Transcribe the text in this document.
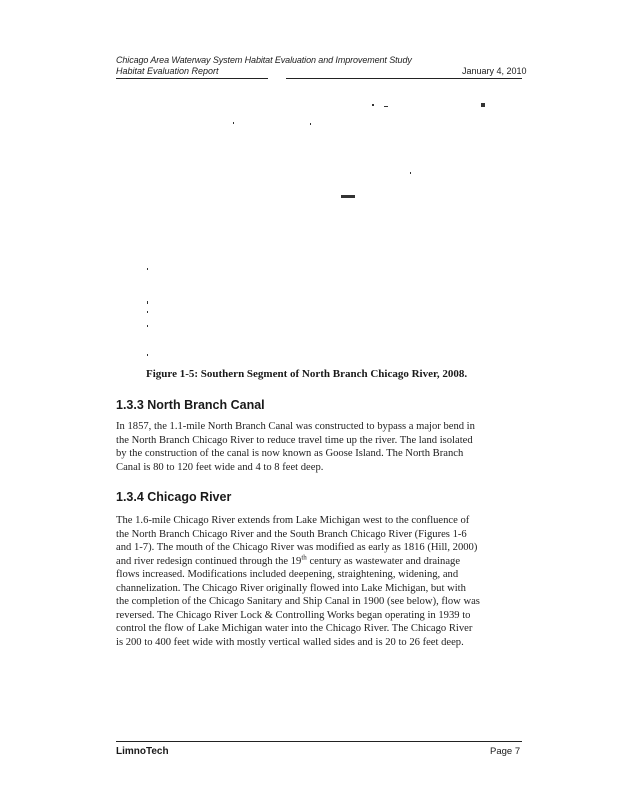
Chicago Area Waterway System Habitat Evaluation and Improvement Study
Habitat Evaluation Report	January 4, 2010
Figure 1-5: Southern Segment of North Branch Chicago River, 2008.
1.3.3 North Branch Canal
In 1857, the 1.1-mile North Branch Canal was constructed to bypass a major bend in
the North Branch Chicago River to reduce travel time up the river. The land isolated
by the construction of the canal is now known as Goose Island. The North Branch
Canal is 80 to 120 feet wide and 4 to 8 feet deep.
1.3.4 Chicago River
The 1.6-mile Chicago River extends from Lake Michigan west to the confluence of
the North Branch Chicago River and the South Branch Chicago River (Figures 1-6
and 1-7). The mouth of the Chicago River was modified as early as 1816 (Hill, 2000)
and river redesign continued through the 19th century as wastewater and drainage
flows increased. Modifications included deepening, straightening, widening, and
channelization. The Chicago River originally flowed into Lake Michigan, but with
the completion of the Chicago Sanitary and Ship Canal in 1900 (see below), flow was
reversed. The Chicago River Lock & Controlling Works began operating in 1939 to
control the flow of Lake Michigan water into the Chicago River. The Chicago River
is 200 to 400 feet wide with mostly vertical walled sides and is 20 to 26 feet deep.
LimnoTech	Page 7
